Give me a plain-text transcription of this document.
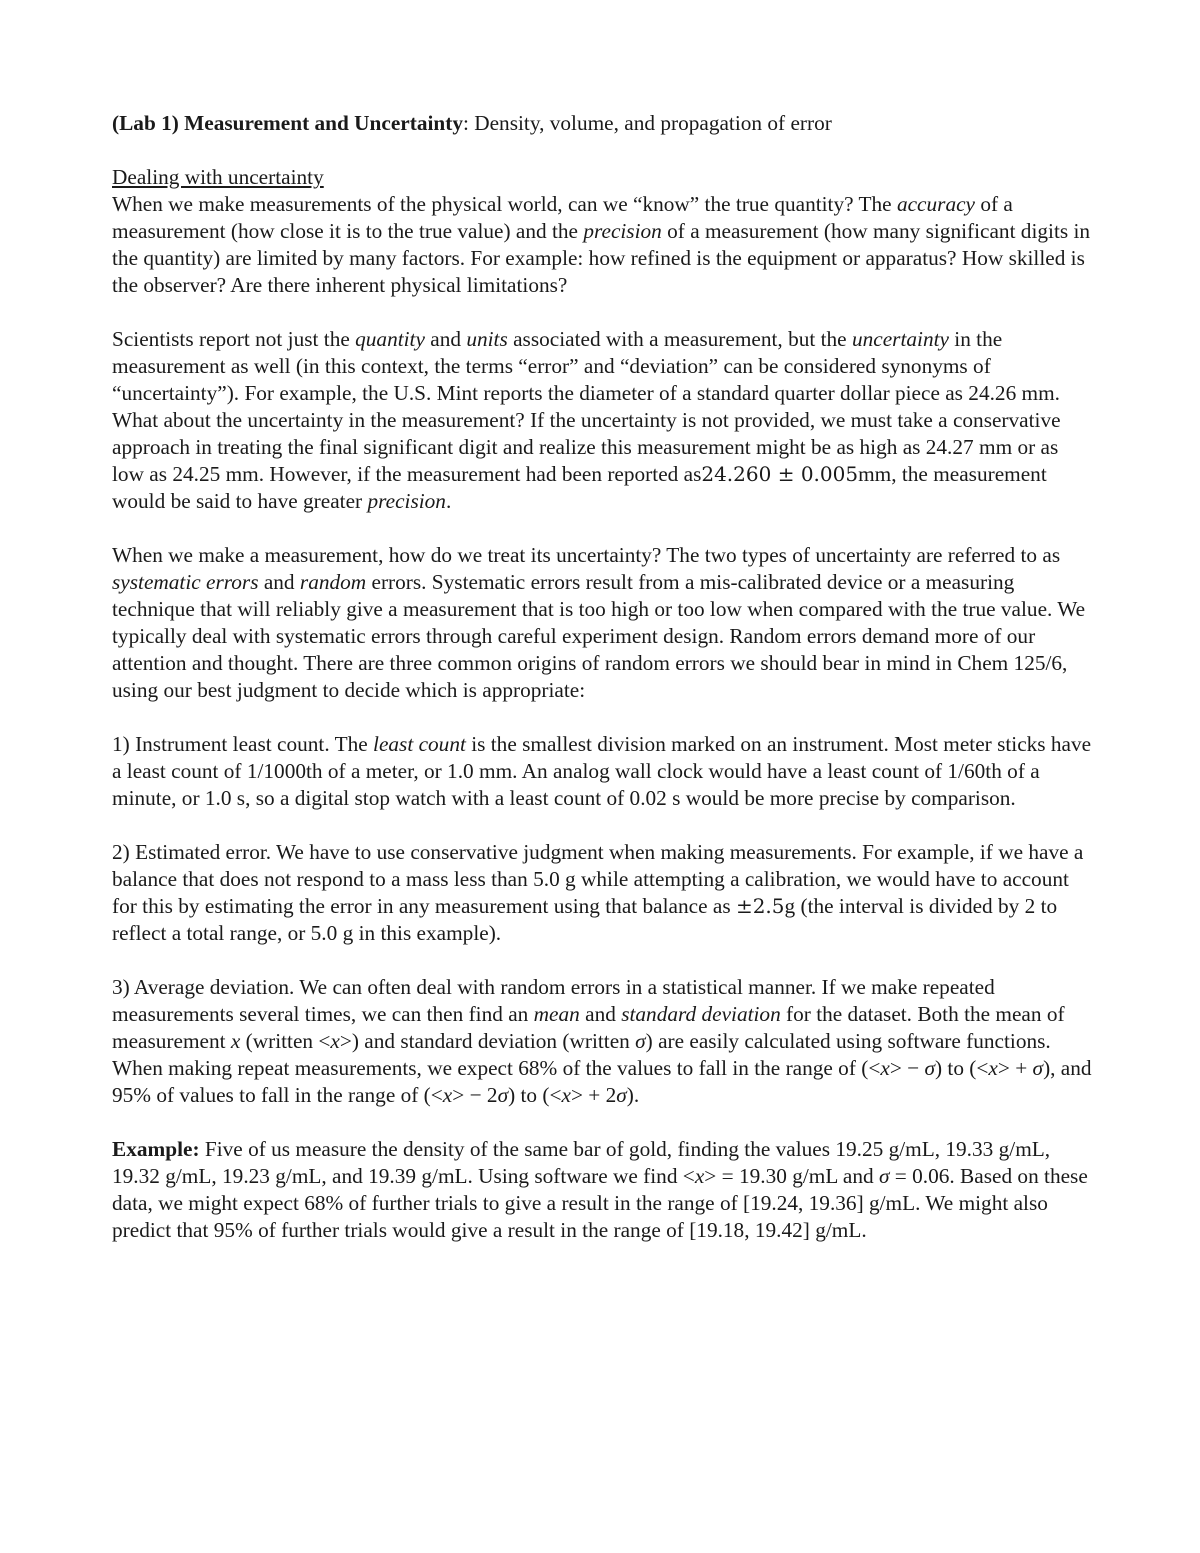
(Lab 1) Measurement and Uncertainty: Density, volume, and propagation of error

Dealing with uncertainty

When we make measurements of the physical world, can we “know” the true quantity? The accuracy of a measurement (how close it is to the true value) and the precision of a measurement (how many significant digits in the quantity) are limited by many factors. For example: how refined is the equipment or apparatus? How skilled is the observer? Are there inherent physical limitations?

Scientists report not just the quantity and units associated with a measurement, but the uncertainty in the measurement as well (in this context, the terms “error” and “deviation” can be considered synonyms of “uncertainty”). For example, the U.S. Mint reports the diameter of a standard quarter dollar piece as 24.26 mm. What about the uncertainty in the measurement? If the uncertainty is not provided, we must take a conservative approach in treating the final significant digit and realize this measurement might be as high as 24.27 mm or as low as 24.25 mm. However, if the measurement had been reported as24.260 ± 0.005mm, the measurement would be said to have greater precision.

When we make a measurement, how do we treat its uncertainty? The two types of uncertainty are referred to as systematic errors and random errors. Systematic errors result from a mis-calibrated device or a measuring technique that will reliably give a measurement that is too high or too low when compared with the true value. We typically deal with systematic errors through careful experiment design. Random errors demand more of our attention and thought. There are three common origins of random errors we should bear in mind in Chem 125/6, using our best judgment to decide which is appropriate:

1) Instrument least count. The least count is the smallest division marked on an instrument. Most meter sticks have a least count of 1/1000th of a meter, or 1.0 mm. An analog wall clock would have a least count of 1/60th of a minute, or 1.0 s, so a digital stop watch with a least count of 0.02 s would be more precise by comparison.

2) Estimated error. We have to use conservative judgment when making measurements. For example, if we have a balance that does not respond to a mass less than 5.0 g while attempting a calibration, we would have to account for this by estimating the error in any measurement using that balance as ±2.5g (the interval is divided by 2 to reflect a total range, or 5.0 g in this example).

3) Average deviation. We can often deal with random errors in a statistical manner. If we make repeated measurements several times, we can then find an mean and standard deviation for the dataset. Both the mean of measurement x (written <x>) and standard deviation (written σ) are easily calculated using software functions. When making repeat measurements, we expect 68% of the values to fall in the range of (<x> − σ) to (<x> + σ), and 95% of values to fall in the range of (<x> − 2σ) to (<x> + 2σ).

Example: Five of us measure the density of the same bar of gold, finding the values 19.25 g/mL, 19.33 g/mL, 19.32 g/mL, 19.23 g/mL, and 19.39 g/mL. Using software we find <x> = 19.30 g/mL and σ = 0.06. Based on these data, we might expect 68% of further trials to give a result in the range of [19.24, 19.36] g/mL. We might also predict that 95% of further trials would give a result in the range of [19.18, 19.42] g/mL.
